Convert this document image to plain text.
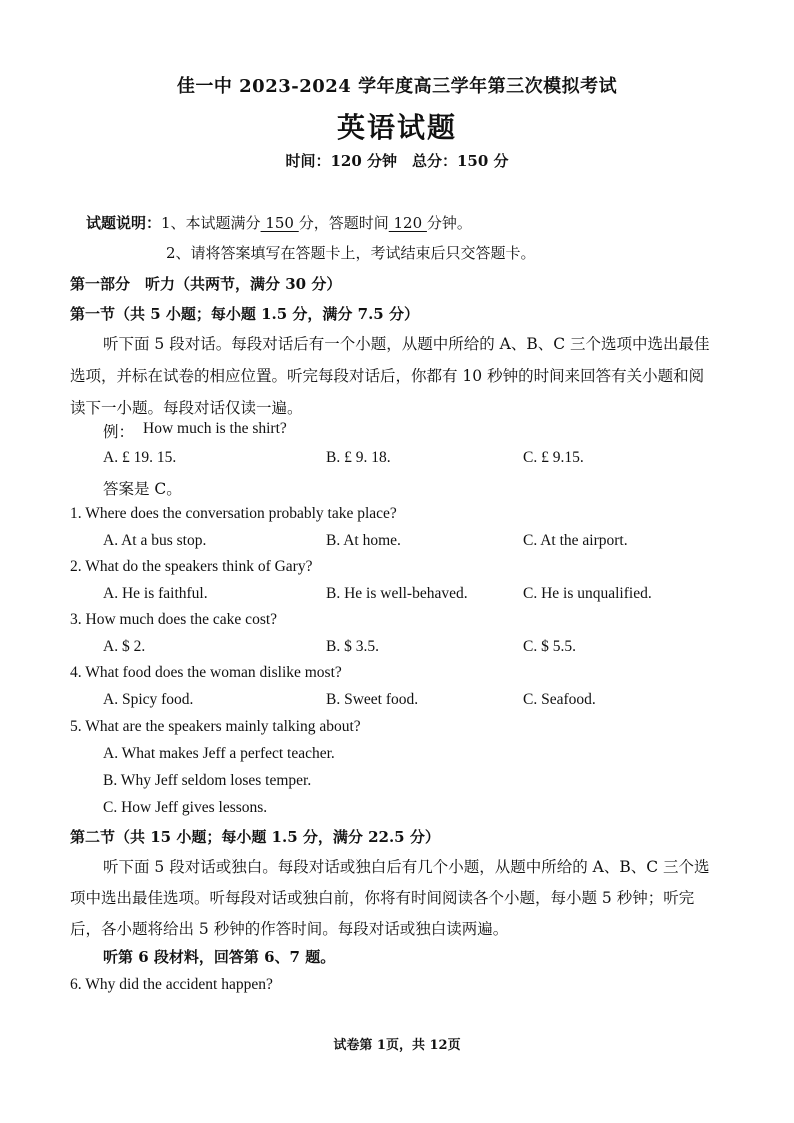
佳一中 2023-2024 学年度高三学年第三次模拟考试
英语试题
时间：120 分钟　总分：150 分
试题说明：1、本试题满分 150 分，答题时间 120 分钟。
2、请将答案填写在答题卡上，考试结束后只交答题卡。
第一部分　听力（共两节，满分 30 分）
第一节（共 5 小题；每小题 1.5 分，满分 7.5 分）
听下面 5 段对话。每段对话后有一个小题，从题中所给的 A、B、C 三个选项中选出最佳
选项，并标在试卷的相应位置。听完每段对话后，你都有 10 秒钟的时间来回答有关小题和阅
读下一小题。每段对话仅读一遍。
例： How much is the shirt?
A. £ 19. 15.	B. £ 9. 18.	C. £ 9.15.
答案是 C。
1. Where does the conversation probably take place?
A. At a bus stop.	B. At home.	C. At the airport.
2. What do the speakers think of Gary?
A. He is faithful.	B. He is well-behaved.	C. He is unqualified.
3. How much does the cake cost?
A. $ 2.	B. $ 3.5.	C. $ 5.5.
4. What food does the woman dislike most?
A. Spicy food.	B. Sweet food.	C. Seafood.
5. What are the speakers mainly talking about?
A. What makes Jeff a perfect teacher.
B. Why Jeff seldom loses temper.
C. How Jeff gives lessons.
第二节（共 15 小题；每小题 1.5 分，满分 22.5 分）
听下面 5 段对话或独白。每段对话或独白后有几个小题，从题中所给的 A、B、C 三个选
项中选出最佳选项。听每段对话或独白前，你将有时间阅读各个小题，每小题 5 秒钟；听完
后，各小题将给出 5 秒钟的作答时间。每段对话或独白读两遍。
听第 6 段材料，回答第 6、7 题。
6. Why did the accident happen?
试卷第 1页，共 12页
